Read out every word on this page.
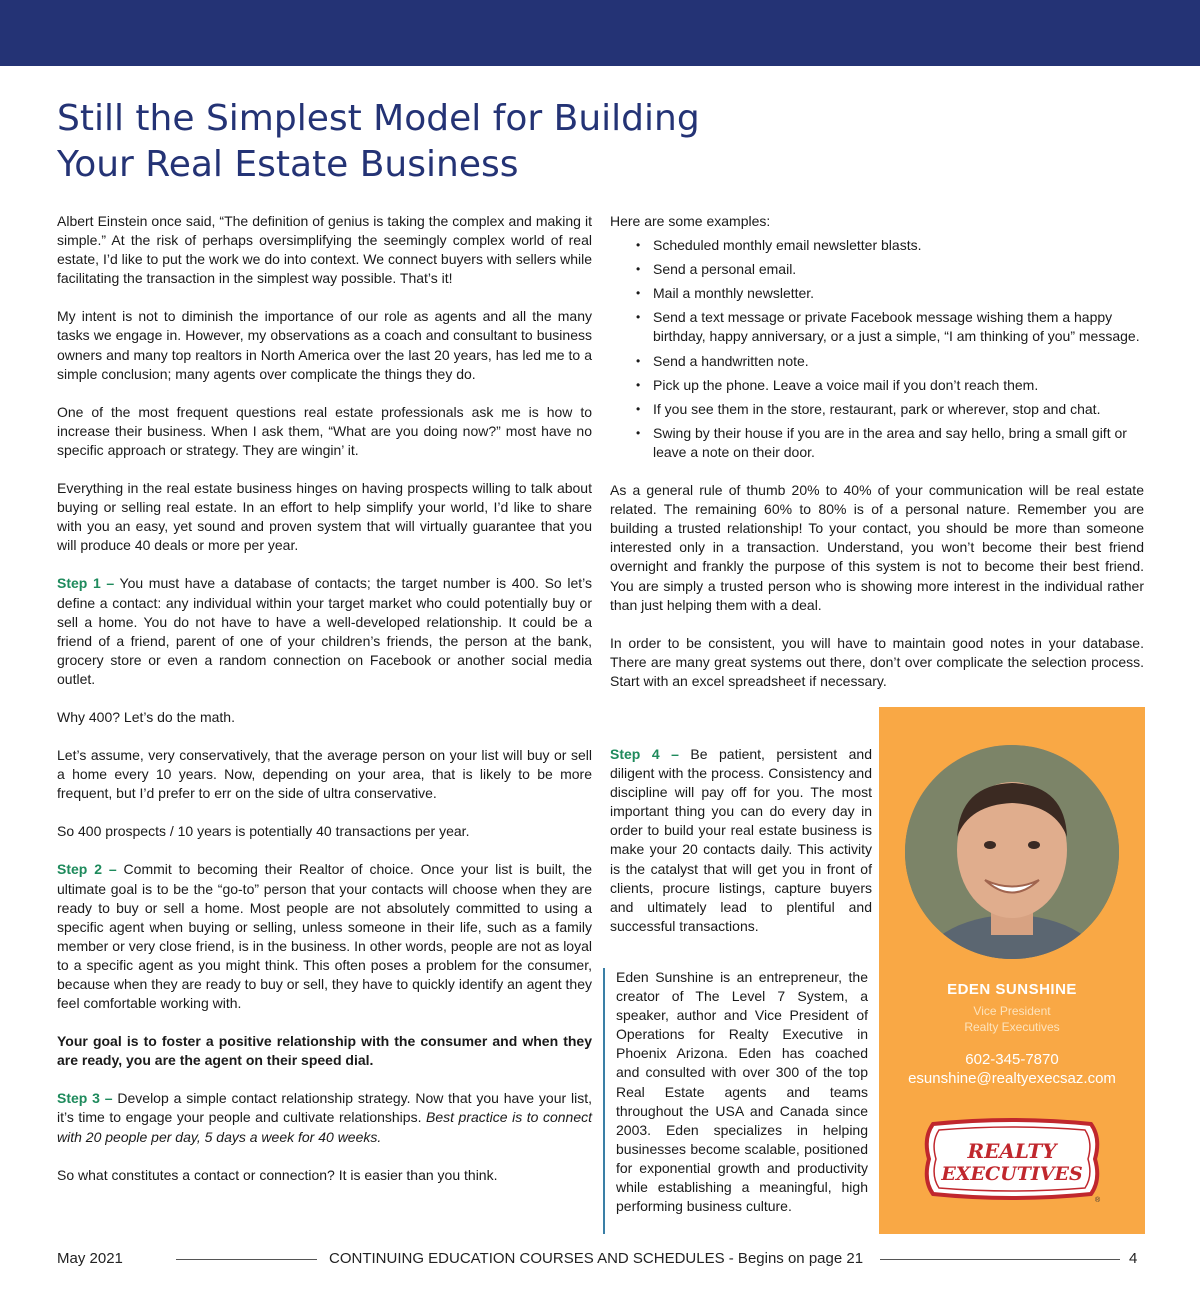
Still the Simplest Model for Building
Your Real Estate Business

Albert Einstein once said, “The definition of genius is taking the complex and making it simple.” At the risk of perhaps oversimplifying the seemingly complex world of real estate, I’d like to put the work we do into context. We connect buyers with sellers while facilitating the transaction in the simplest way possible. That’s it!

My intent is not to diminish the importance of our role as agents and all the many tasks we engage in. However, my observations as a coach and consultant to business owners and many top realtors in North America over the last 20 years, has led me to a simple conclusion; many agents over complicate the things they do.

One of the most frequent questions real estate professionals ask me is how to increase their business. When I ask them, “What are you doing now?” most have no specific approach or strategy. They are wingin’ it.

Everything in the real estate business hinges on having prospects willing to talk about buying or selling real estate. In an effort to help simplify your world, I’d like to share with you an easy, yet sound and proven system that will virtually guarantee that you will produce 40 deals or more per year.

Step 1 – You must have a database of contacts; the target number is 400. So let’s define a contact: any individual within your target market who could potentially buy or sell a home. You do not have to have a well-developed relationship. It could be a friend of a friend, parent of one of your children’s friends, the person at the bank, grocery store or even a random connection on Facebook or another social media outlet.

Why 400? Let’s do the math.

Let’s assume, very conservatively, that the average person on your list will buy or sell a home every 10 years. Now, depending on your area, that is likely to be more frequent, but I’d prefer to err on the side of ultra conservative.

So 400 prospects / 10 years is potentially 40 transactions per year.

Step 2 – Commit to becoming their Realtor of choice. Once your list is built, the ultimate goal is to be the “go-to” person that your contacts will choose when they are ready to buy or sell a home. Most people are not absolutely committed to using a specific agent when buying or selling, unless someone in their life, such as a family member or very close friend, is in the business. In other words, people are not as loyal to a specific agent as you might think. This often poses a problem for the consumer, because when they are ready to buy or sell, they have to quickly identify an agent they feel comfortable working with.

Your goal is to foster a positive relationship with the consumer and when they are ready, you are the agent on their speed dial.

Step 3 – Develop a simple contact relationship strategy. Now that you have your list, it’s time to engage your people and cultivate relationships. Best practice is to connect with 20 people per day, 5 days a week for 40 weeks.

So what constitutes a contact or connection? It is easier than you think.

Here are some examples:

• Scheduled monthly email newsletter blasts.
• Send a personal email.
• Mail a monthly newsletter.
• Send a text message or private Facebook message wishing them a happy birthday, happy anniversary, or a just a simple, “I am thinking of you” message.
• Send a handwritten note.
• Pick up the phone. Leave a voice mail if you don’t reach them.
• If you see them in the store, restaurant, park or wherever, stop and chat.
• Swing by their house if you are in the area and say hello, bring a small gift or leave a note on their door.

As a general rule of thumb 20% to 40% of your communication will be real estate related. The remaining 60% to 80% is of a personal nature. Remember you are building a trusted relationship! To your contact, you should be more than someone interested only in a transaction. Understand, you won’t become their best friend overnight and frankly the purpose of this system is not to become their best friend. You are simply a trusted person who is showing more interest in the individual rather than just helping them with a deal.

In order to be consistent, you will have to maintain good notes in your database. There are many great systems out there, don’t over complicate the selection process. Start with an excel spreadsheet if necessary.

Step 4 – Be patient, persistent and diligent with the process. Consistency and discipline will pay off for you. The most important thing you can do every day in order to build your real estate business is make your 20 contacts daily. This activity is the catalyst that will get you in front of clients, procure listings, capture buyers and ultimately lead to plentiful and successful transactions.

Eden Sunshine is an entrepreneur, the creator of The Level 7 System, a speaker, author and Vice President of Operations for Realty Executive in Phoenix Arizona. Eden has coached and consulted with over 300 of the top Real Estate agents and teams throughout the USA and Canada since 2003. Eden specializes in helping businesses become scalable, positioned for exponential growth and productivity while establishing a meaningful, high performing business culture.

EDEN SUNSHINE
Vice President
Realty Executives
602-345-7870
esunshine@realtyexecsaz.com
REALTY
EXECUTIVES
®
May 2021	CONTINUING EDUCATION COURSES AND SCHEDULES - Begins on page 21	4
